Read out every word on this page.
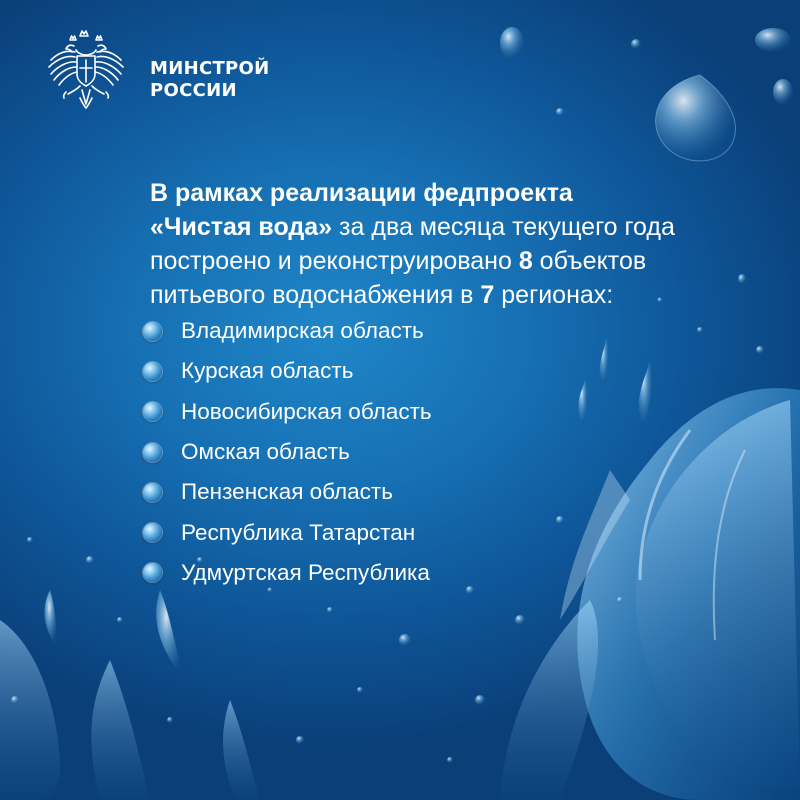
МИНСТРОЙ
РОССИИ
В рамках реализации федпроекта
«Чистая вода» за два месяца текущего года
построено и реконструировано 8 объектов
питьевого водоснабжения в 7 регионах:
Владимирская область
Курская область
Новосибирская область
Омская область
Пензенская область
Республика Татарстан
Удмуртская Республика
